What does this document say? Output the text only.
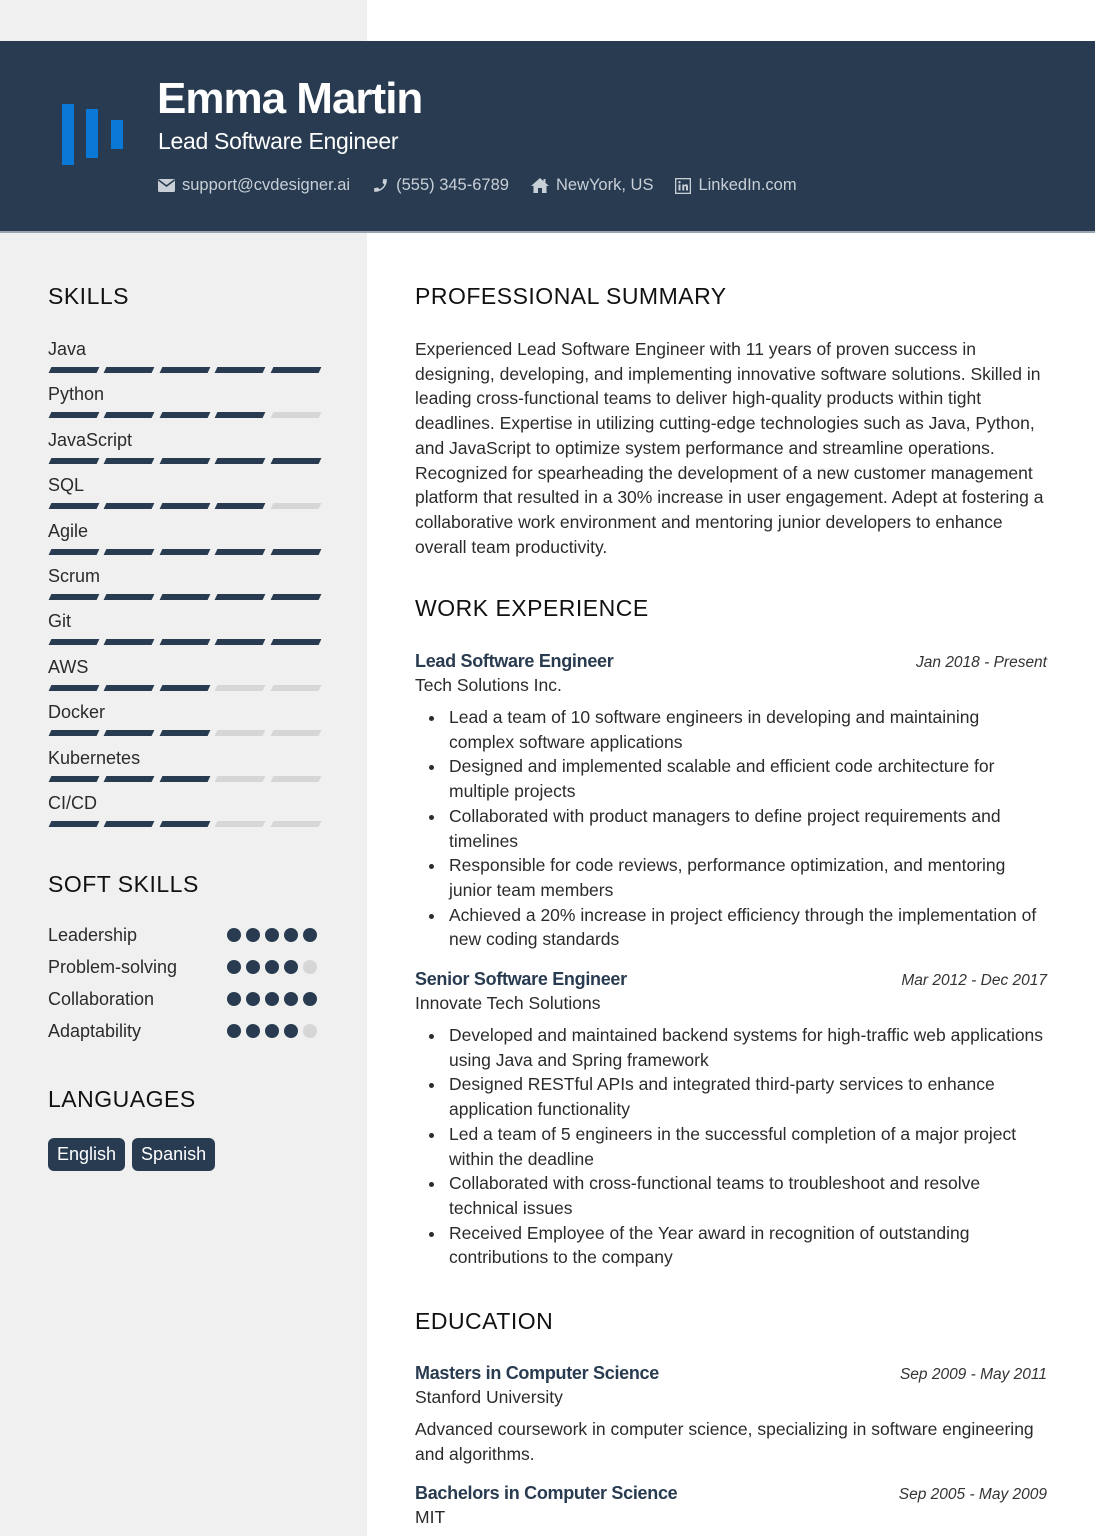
Emma Martin
Lead Software Engineer
support@cvdesigner.ai	(555) 345-6789	NewYork, US	LinkedIn.com
SKILLS
Java
Python
JavaScript
SQL
Agile
Scrum
Git
AWS
Docker
Kubernetes
CI/CD
SOFT SKILLS
Leadership
Problem-solving
Collaboration
Adaptability
LANGUAGES
English	Spanish
PROFESSIONAL SUMMARY
Experienced Lead Software Engineer with 11 years of proven success in designing, developing, and implementing innovative software solutions. Skilled in leading cross-functional teams to deliver high-quality products within tight deadlines. Expertise in utilizing cutting-edge technologies such as Java, Python, and JavaScript to optimize system performance and streamline operations. Recognized for spearheading the development of a new customer management platform that resulted in a 30% increase in user engagement. Adept at fostering a collaborative work environment and mentoring junior developers to enhance overall team productivity.
WORK EXPERIENCE
Lead Software Engineer	Jan 2018 - Present
Tech Solutions Inc.
Lead a team of 10 software engineers in developing and maintaining complex software applications
Designed and implemented scalable and efficient code architecture for multiple projects
Collaborated with product managers to define project requirements and timelines
Responsible for code reviews, performance optimization, and mentoring junior team members
Achieved a 20% increase in project efficiency through the implementation of new coding standards
Senior Software Engineer	Mar 2012 - Dec 2017
Innovate Tech Solutions
Developed and maintained backend systems for high-traffic web applications using Java and Spring framework
Designed RESTful APIs and integrated third-party services to enhance application functionality
Led a team of 5 engineers in the successful completion of a major project within the deadline
Collaborated with cross-functional teams to troubleshoot and resolve technical issues
Received Employee of the Year award in recognition of outstanding contributions to the company
EDUCATION
Masters in Computer Science	Sep 2009 - May 2011
Stanford University
Advanced coursework in computer science, specializing in software engineering and algorithms.
Bachelors in Computer Science	Sep 2005 - May 2009
MIT
